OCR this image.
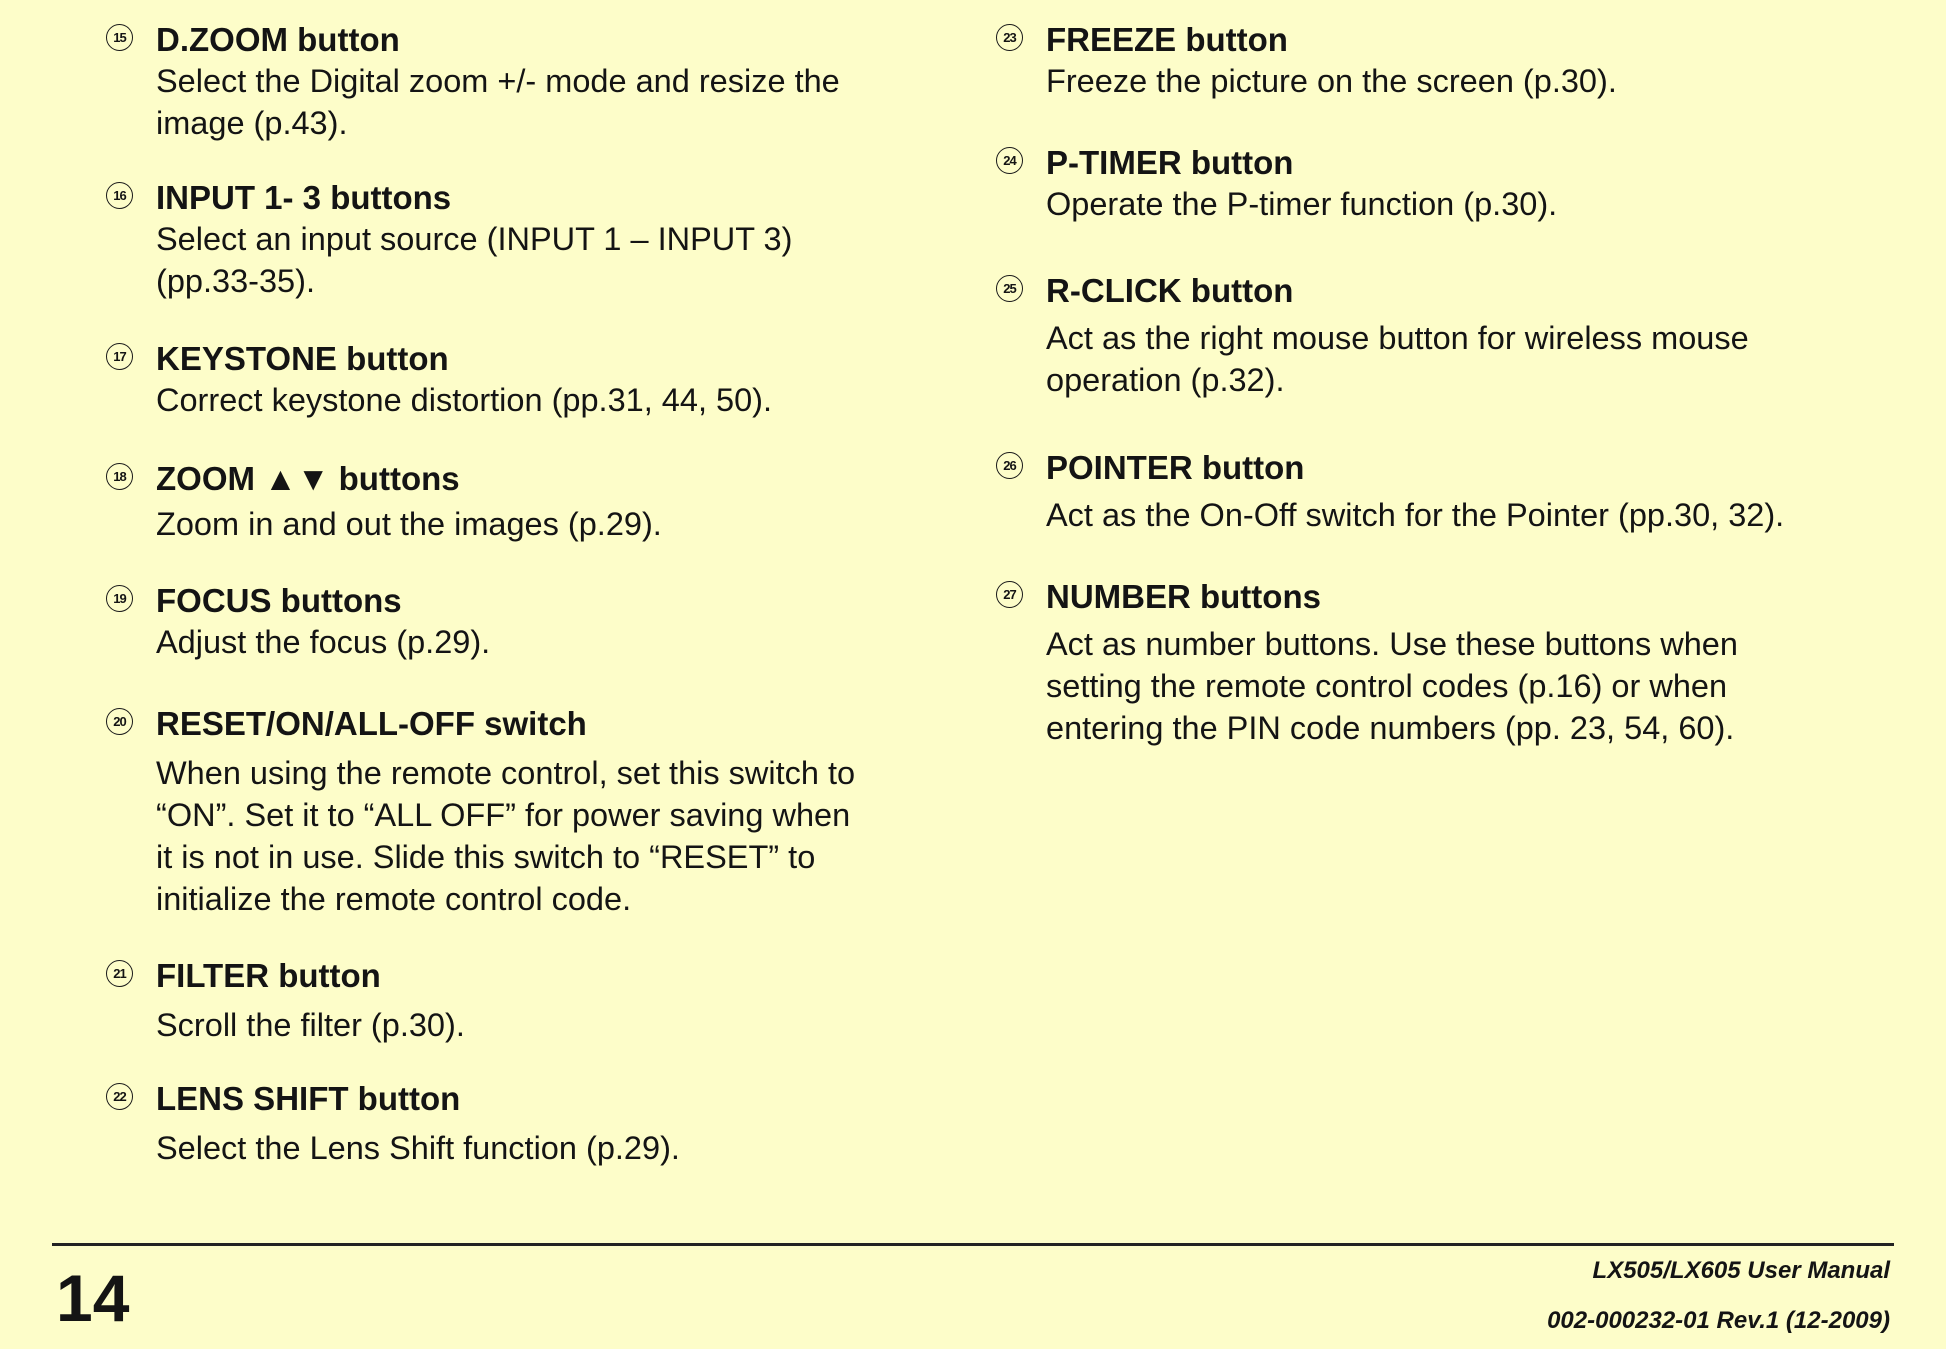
15 D.ZOOM button
Select the Digital zoom +/- mode and resize the
image (p.43).
16 INPUT 1- 3 buttons
Select an input source (INPUT 1 – INPUT 3)
(pp.33-35).
17 KEYSTONE button
Correct keystone distortion (pp.31, 44, 50).
18 ZOOM ▲▼ buttons
Zoom in and out the images (p.29).
19 FOCUS buttons
Adjust the focus (p.29).
20 RESET/ON/ALL-OFF switch
When using the remote control, set this switch to
“ON”. Set it to “ALL OFF” for power saving when
it is not in use. Slide this switch to “RESET” to
initialize the remote control code.
21 FILTER button
Scroll the filter (p.30).
22 LENS SHIFT button
Select the Lens Shift function (p.29).
23 FREEZE button
Freeze the picture on the screen (p.30).
24 P-TIMER button
Operate the P-timer function (p.30).
25 R-CLICK button
Act as the right mouse button for wireless mouse
operation (p.32).
26 POINTER button
Act as the On-Off switch for the Pointer (pp.30, 32).
27 NUMBER buttons
Act as number buttons. Use these buttons when
setting the remote control codes (p.16) or when
entering the PIN code numbers (pp. 23, 54, 60).
14	LX505/LX605 User Manual
002-000232-01 Rev.1 (12-2009)
